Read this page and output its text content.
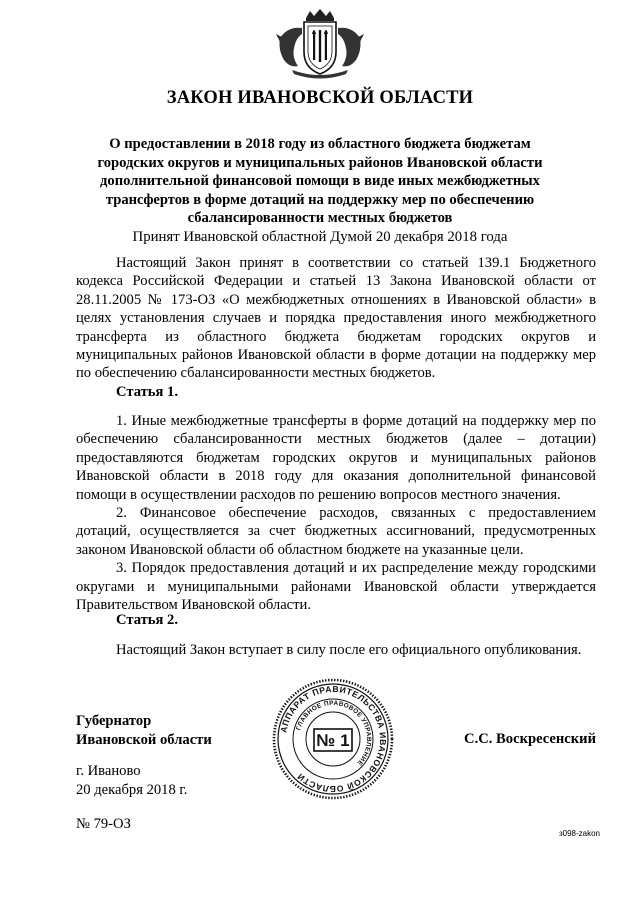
ЗАКОН ИВАНОВСКОЙ ОБЛАСТИ
О предоставлении в 2018 году из областного бюджета бюджетам городских округов и муниципальных районов Ивановской области дополнительной финансовой помощи в виде иных межбюджетных трансфертов в форме дотаций на поддержку мер по обеспечению сбалансированности местных бюджетов
Принят Ивановской областной Думой 20 декабря 2018 года

Настоящий Закон принят в соответствии со статьей 139.1 Бюджетного кодекса Российской Федерации и статьей 13 Закона Ивановской области от 28.11.2005 № 173-ОЗ «О межбюджетных отношениях в Ивановской области» в целях установления случаев и порядка предоставления иного межбюджетного трансферта из областного бюджета бюджетам городских округов и муниципальных районов Ивановской области в форме дотации на поддержку мер по обеспечению сбалансированности местных бюджетов.

Статья 1.

1. Иные межбюджетные трансферты в форме дотаций на поддержку мер по обеспечению сбалансированности местных бюджетов (далее – дотации) предоставляются бюджетам городских округов и муниципальных районов Ивановской области в 2018 году для оказания дополнительной финансовой помощи в осуществлении расходов по решению вопросов местного значения.

2. Финансовое обеспечение расходов, связанных с предоставлением дотаций, осуществляется за счет бюджетных ассигнований, предусмотренных законом Ивановской области об областном бюджете на указанные цели.

3. Порядок предоставления дотаций и их распределение между городскими округами и муниципальными районами Ивановской области утверждается Правительством Ивановской области.

Статья 2.

Настоящий Закон вступает в силу после его официального опубликования.

Губернатор
Ивановской области
АППАРАТ ПРАВИТЕЛЬСТВА ИВАНОВСКОЙ ОБЛАСТИ
ГЛАВНОЕ ПРАВОВОЕ УПРАВЛЕНИЕ
№ 1	С.С. Воскресенский
г. Иваново
20 декабря 2018 г.
№ 79-ОЗ
з098-zakon
